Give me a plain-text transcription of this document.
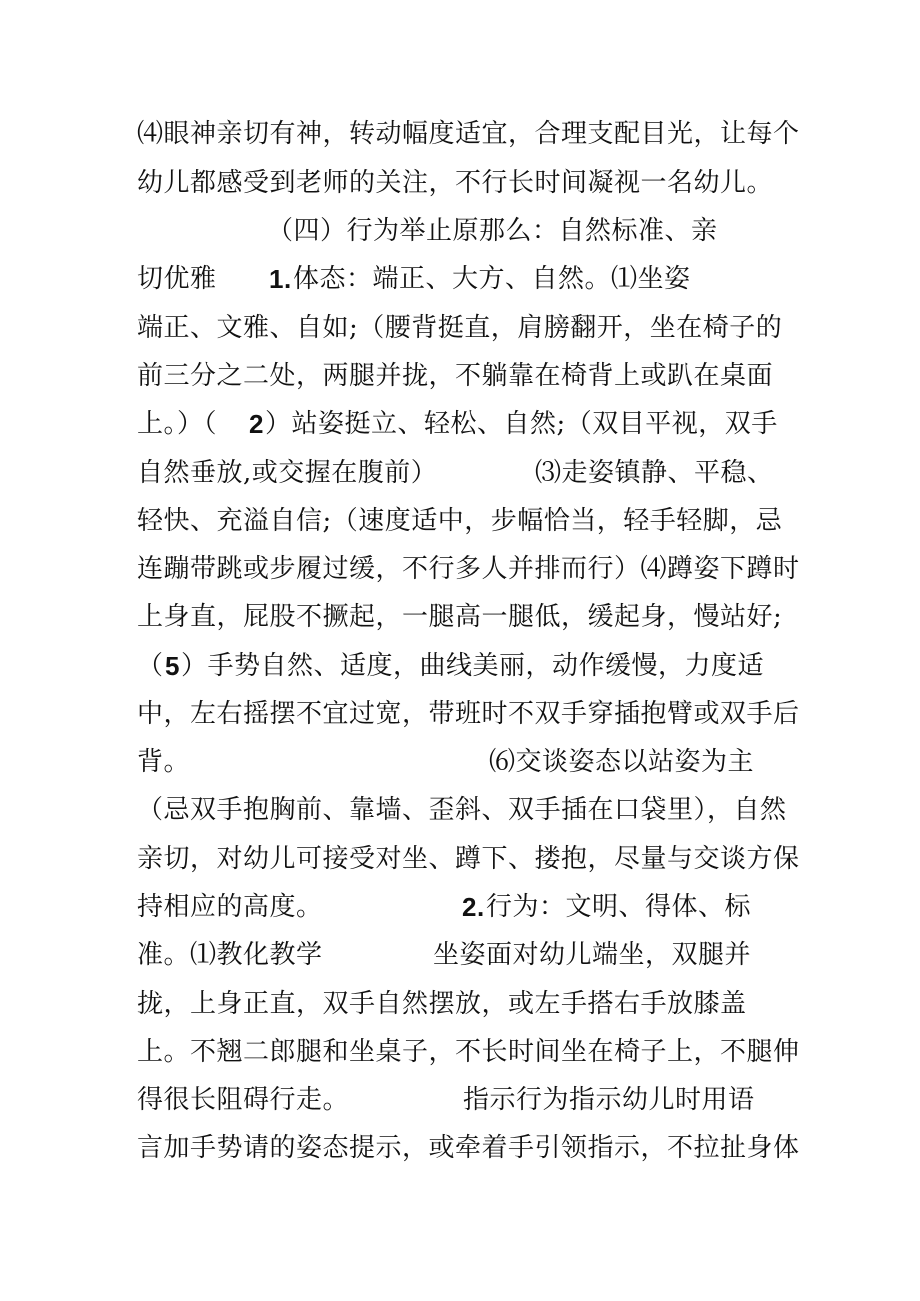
⑷眼神亲切有神，转动幅度适宜，合理支配目光，让每个
幼儿都感受到老师的关注，不行长时间凝视一名幼儿。
（四）行为举止原那么：自然标准、亲
切优雅 1. 体态：端正、大方、自然。⑴坐姿
端正、文雅、自如;（腰背挺直，肩膀翻开，坐在椅子的
前三分之二处，两腿并拢，不躺靠在椅背上或趴在桌面
上。）（ 2 ）站姿挺立、轻松、自然;（双目平视，双手
自然垂放,或交握在腹前）	⑶走姿镇静、平稳、
轻快、充溢自信;（速度适中，步幅恰当，轻手轻脚，忌
连蹦带跳或步履过缓，不行多人并排而行）⑷蹲姿下蹲时
上身直，屁股不撅起，一腿高一腿低，缓起身，慢站好;
（ 5 ）手势自然、适度，曲线美丽，动作缓慢，力度适
中，左右摇摆不宜过宽，带班时不双手穿插抱臂或双手后
背。	⑹交谈姿态以站姿为主
（忌双手抱胸前、靠墙、歪斜、双手插在口袋里），自然
亲切，对幼儿可接受对坐、蹲下、搂抱，尽量与交谈方保
持相应的高度。	2. 行为：文明、得体、标
准。⑴教化教学	坐姿面对幼儿端坐，双腿并
拢，上身正直，双手自然摆放，或左手搭右手放膝盖
上。不翘二郎腿和坐桌子，不长时间坐在椅子上，不腿伸
得很长阻碍行走。	指示行为指示幼儿时用语
言加手势请的姿态提示，或牵着手引领指示，不拉扯身体
